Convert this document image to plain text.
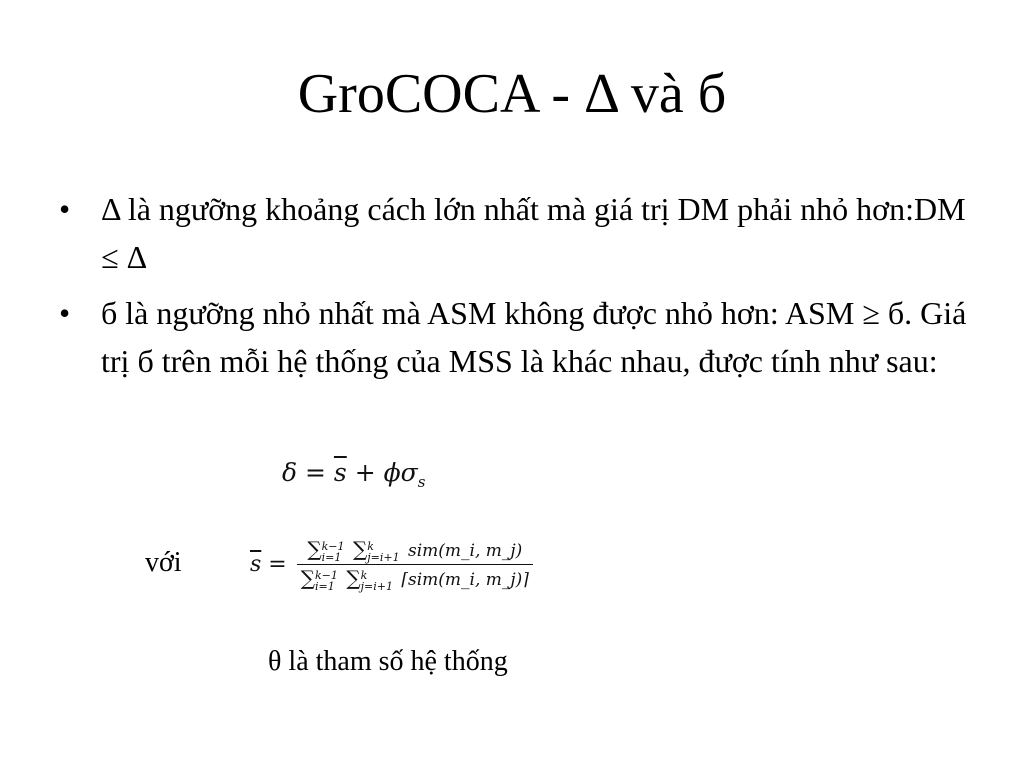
GroCOCA - Δ và б
• Δ là ngưỡng khoảng cách lớn nhất mà giá trị DM phải nhỏ hơn:DM ≤ Δ
• б là ngưỡng nhỏ nhất mà ASM không được nhỏ hơn: ASM ≥ б. Giá trị б trên mỗi hệ thống của MSS là khác nhau, được tính như sau:
$\delta = \overline{s} + \phi\sigma_s$
với	$\overline{s}$ = ∑ k−1
i=1 ∑ k
j=i+1 sim(m_i, m_j)
∑ k−1
i=1 ∑ k
j=i+1 ⌈sim(m_i, m_j)⌉
θ là tham số hệ thống
